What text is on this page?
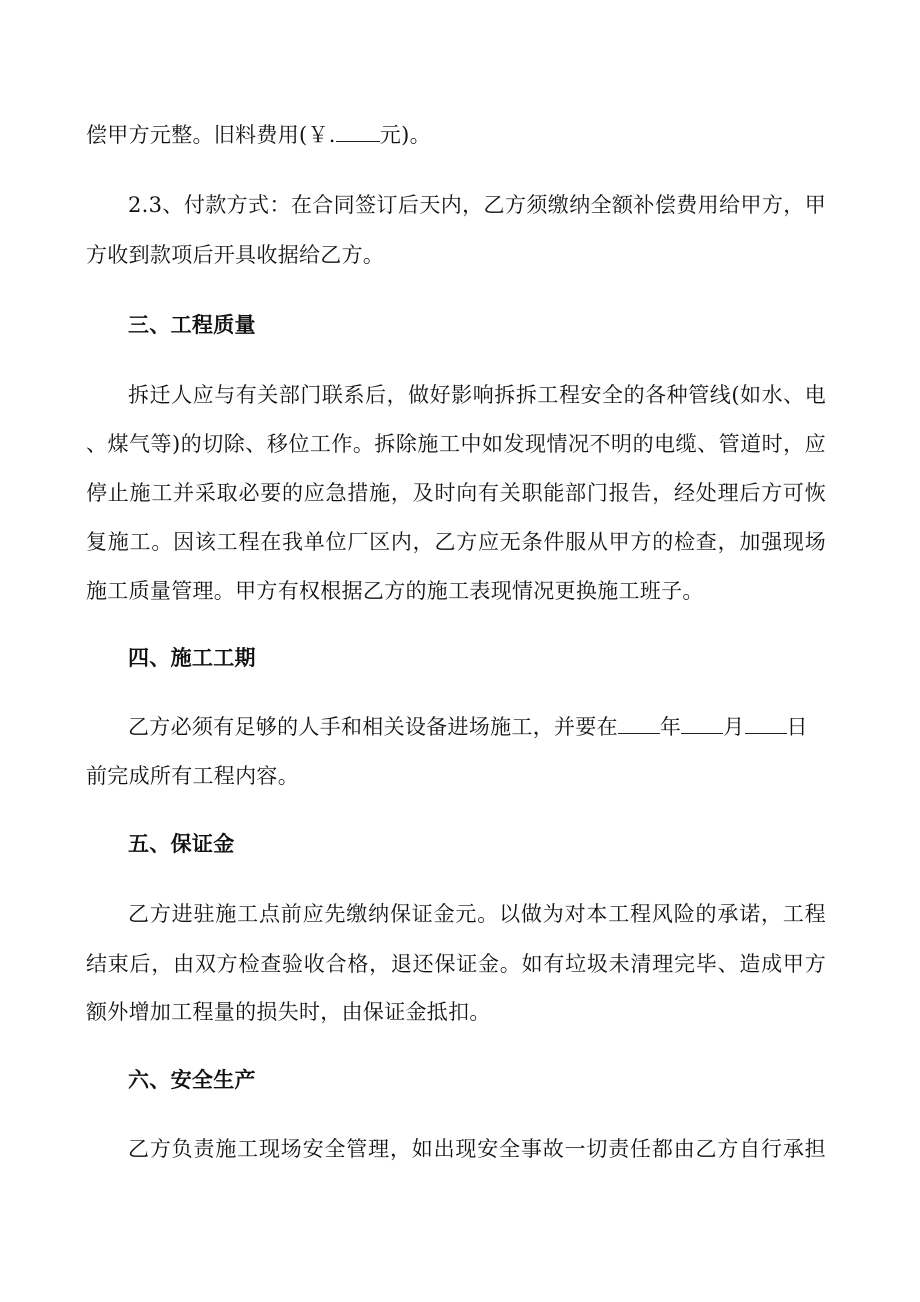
偿甲方元整。旧料费用(￥. 元)。
2.3、付款方式：在合同签订后天内，乙方须缴纳全额补偿费用给甲方，甲
方收到款项后开具收据给乙方。
三、工程质量
拆迁人应与有关部门联系后，做好影响拆拆工程安全的各种管线(如水、电
、煤气等)的切除、移位工作。拆除施工中如发现情况不明的电缆、管道时，应
停止施工并采取必要的应急措施，及时向有关职能部门报告，经处理后方可恢
复施工。因该工程在我单位厂区内，乙方应无条件服从甲方的检查，加强现场
施工质量管理。甲方有权根据乙方的施工表现情况更换施工班子。
四、施工工期
乙方必须有足够的人手和相关设备进场施工，并要在 年 月 日
前完成所有工程内容。
五、保证金
乙方进驻施工点前应先缴纳保证金元。以做为对本工程风险的承诺，工程
结束后，由双方检查验收合格，退还保证金。如有垃圾未清理完毕、造成甲方
额外增加工程量的损失时，由保证金抵扣。
六、安全生产
乙方负责施工现场安全管理，如出现安全事故一切责任都由乙方自行承担
